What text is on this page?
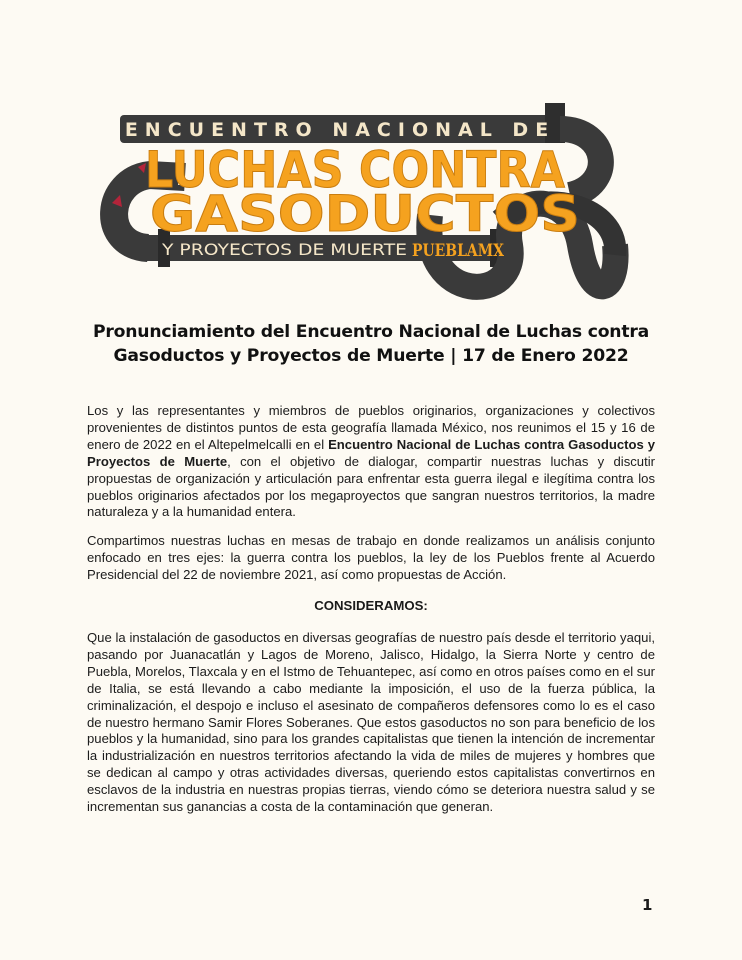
ENCUENTRO NACIONAL DE
LUCHAS CONTRA
GASODUCTOS
Y PROYECTOS DE MUERTE PUEBLAMX
Pronunciamiento del Encuentro Nacional de Luchas contra
Gasoductos y Proyectos de Muerte | 17 de Enero 2022
Los y las representantes y miembros de pueblos originarios, organizaciones y colectivos provenientes de distintos puntos de esta geografía llamada México, nos reunimos el 15 y 16 de enero de 2022 en el Altepelmelcalli en el Encuentro Nacional de Luchas contra Gasoductos y Proyectos de Muerte, con el objetivo de dialogar, compartir nuestras luchas y discutir propuestas de organización y articulación para enfrentar esta guerra ilegal e ilegítima contra los pueblos originarios afectados por los megaproyectos que sangran nuestros territorios, la madre naturaleza y a la humanidad entera.
Compartimos nuestras luchas en mesas de trabajo en donde realizamos un análisis conjunto enfocado en tres ejes: la guerra contra los pueblos, la ley de los Pueblos frente al Acuerdo Presidencial del 22 de noviembre 2021, así como propuestas de Acción.
CONSIDERAMOS:
Que la instalación de gasoductos en diversas geografías de nuestro país desde el territorio yaqui, pasando por Juanacatlán y Lagos de Moreno, Jalisco, Hidalgo, la Sierra Norte y centro de Puebla, Morelos, Tlaxcala y en el Istmo de Tehuantepec, así como en otros países como en el sur de Italia, se está llevando a cabo mediante la imposición, el uso de la fuerza pública, la criminalización, el despojo e incluso el asesinato de compañeros defensores como lo es el caso de nuestro hermano Samir Flores Soberanes. Que estos gasoductos no son para beneficio de los pueblos y la humanidad, sino para los grandes capitalistas que tienen la intención de incrementar la industrialización en nuestros territorios afectando la vida de miles de mujeres y hombres que se dedican al campo y otras actividades diversas, queriendo estos capitalistas convertirnos en esclavos de la industria en nuestras propias tierras, viendo cómo se deteriora nuestra salud y se incrementan sus ganancias a costa de la contaminación que generan.
1
